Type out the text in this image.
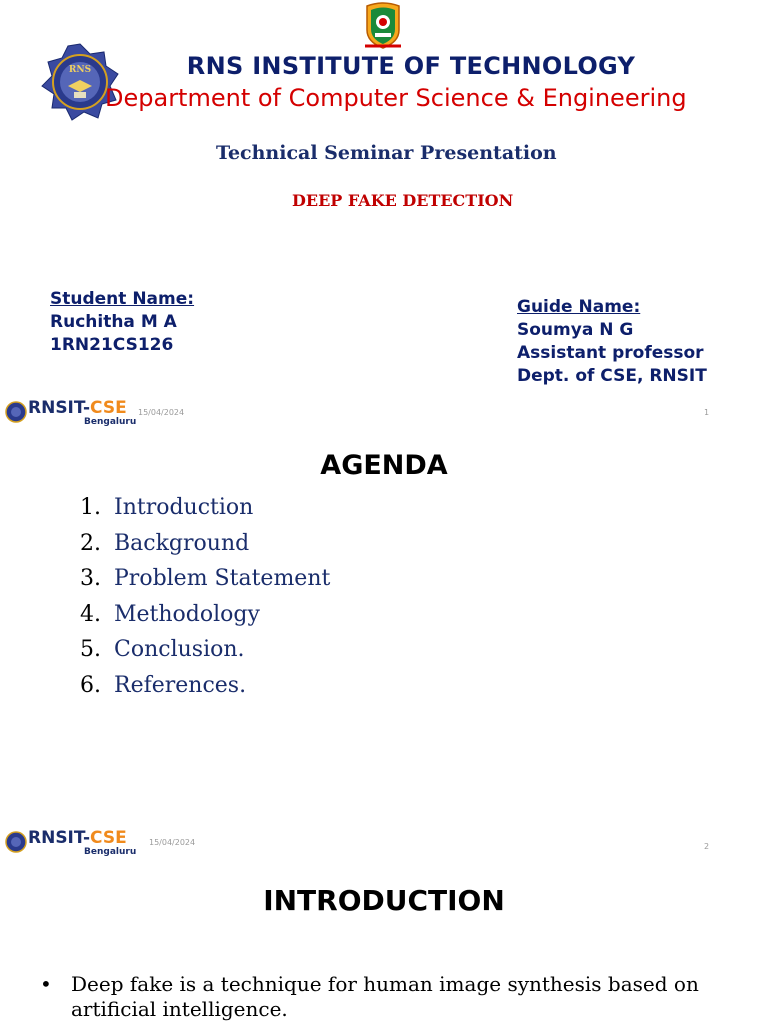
RNS	RNS INSTITUTE OF TECHNOLOGY
Department of Computer Science & Engineering
Technical Seminar Presentation
DEEP FAKE DETECTION
Student Name:
Ruchitha M A
1RN21CS126
Guide Name:
Soumya N G
Assistant professor
Dept. of CSE, RNSIT
RNSIT-CSE
Bengaluru
15/04/2024	1
AGENDA
1. Introduction
2. Background
3. Problem Statement
4. Methodology
5. Conclusion.
6. References.
RNSIT-CSE
Bengaluru
15/04/2024	2
INTRODUCTION
• Deep fake is a technique for human image synthesis based on artificial intelligence.
